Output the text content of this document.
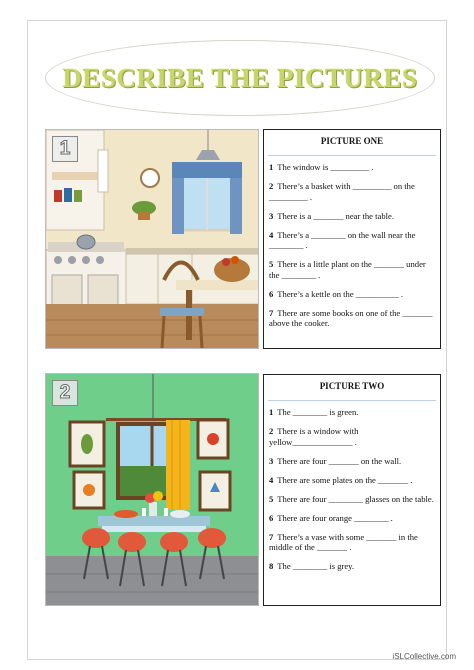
DESCRIBE THE PICTURES
1	PICTURE ONE
1 The window is _________ .
2 There’s a basket with _________ on the _________ .
3 There is a _______ near the table.
4 There’s a ________ on the wall near the ________ .
5 There is a little plant on the _______ under the ________ .
6 There’s a kettle on the __________ .
7 There are some books on one of the _______ above the cooker.
2	PICTURE TWO
1 The ________ is green.
2 There is a window with yellow______________ .
3 There are four _______ on the wall.
4 There are some plates on the _______ .
5 There are four ________ glasses on the table.
6 There are four orange ________ .
7 There’s a vase with some _______ in the middle of the _______ .
8 The ________ is grey.
iSLCollective.com
